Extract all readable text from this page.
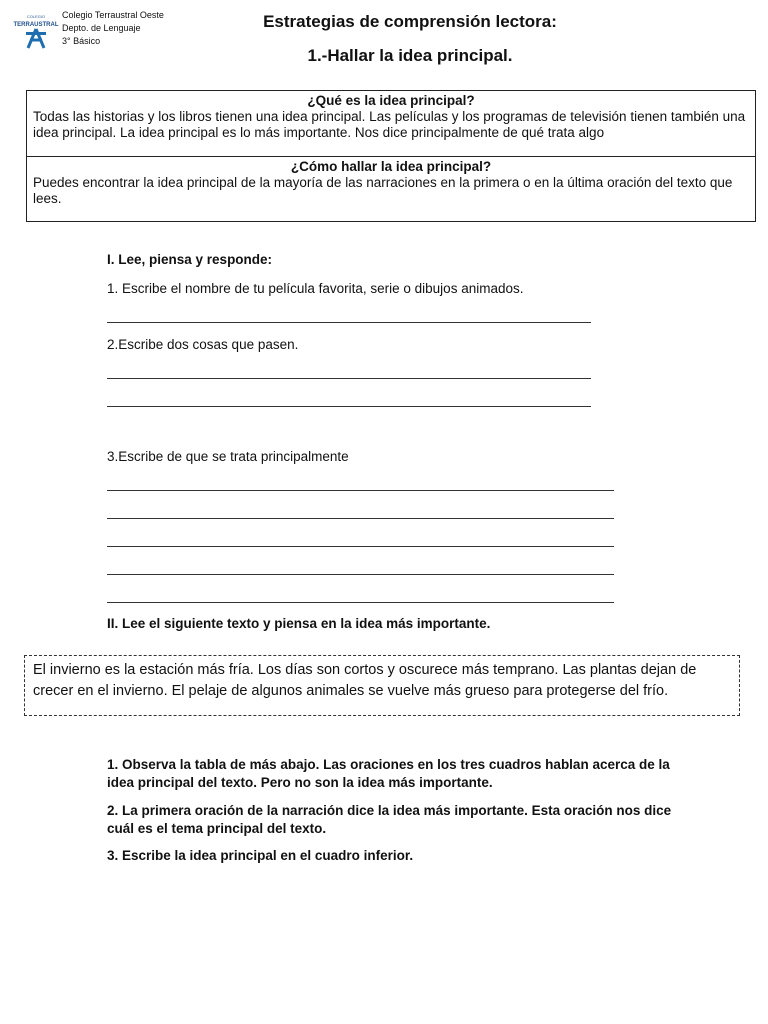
COLEGIO
TERRAUSTRAL
Colegio Terraustral Oeste
Depto. de Lenguaje
3° Básico
Estrategias de comprensión lectora:
1.-Hallar la idea principal.
¿Qué es la idea principal?
Todas las historias y los libros tienen una idea principal. Las películas y los programas de televisión tienen también una idea principal. La idea principal es lo más importante. Nos dice principalmente de qué trata algo
¿Cómo hallar la idea principal?
Puedes encontrar la idea principal de la mayoría de las narraciones en la primera o en la última oración del texto que lees.
I. Lee, piensa y responde:
1. Escribe el nombre de tu película favorita, serie o dibujos animados.
2.Escribe dos cosas que pasen.
3.Escribe de que se trata principalmente
II. Lee el siguiente texto y piensa en la idea más importante.
El invierno es la estación más fría. Los días son cortos y oscurece más temprano. Las plantas dejan de crecer en el invierno. El pelaje de algunos animales se vuelve más grueso para protegerse del frío.
1. Observa la tabla de más abajo. Las oraciones en los tres cuadros hablan acerca de la idea principal del texto. Pero no son la idea más importante.
2. La primera oración de la narración dice la idea más importante. Esta oración nos dice cuál es el tema principal del texto.
3. Escribe la idea principal en el cuadro inferior.
